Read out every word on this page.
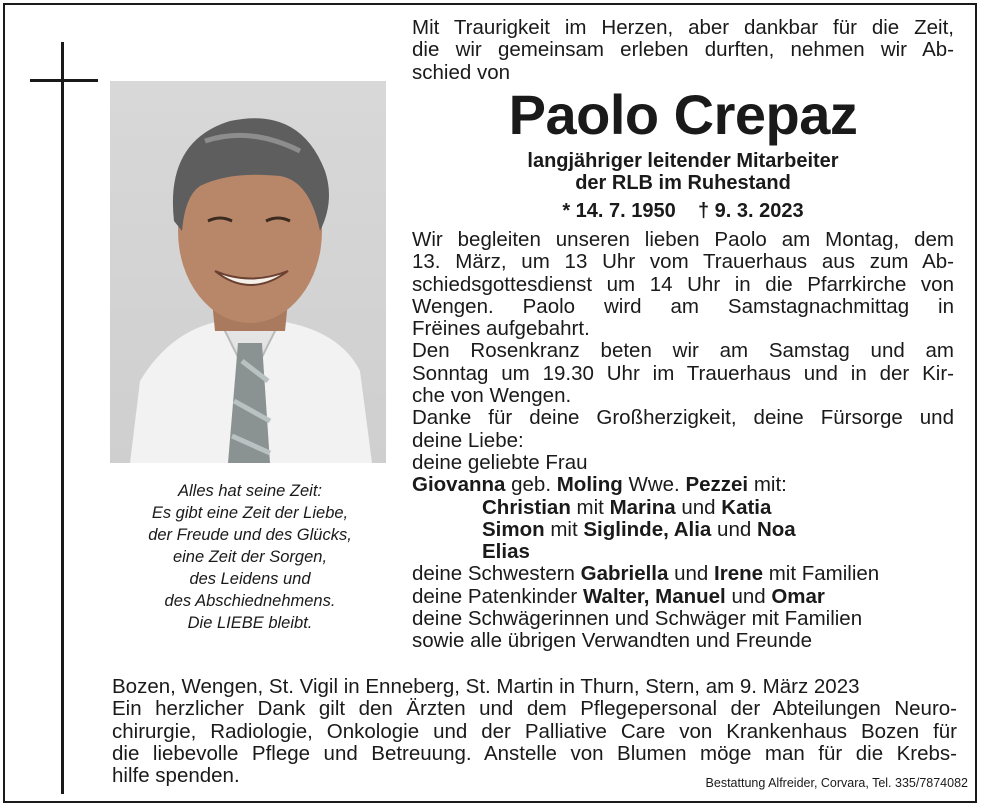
Alles hat seine Zeit:
Es gibt eine Zeit der Liebe,
der Freude und des Glücks,
eine Zeit der Sorgen,
des Leidens und
des Abschiednehmens.
Die LIEBE bleibt.
Mit Traurigkeit im Herzen, aber dankbar für die Zeit,
die wir gemeinsam erleben durften, nehmen wir Ab-
schied von
Paolo Crepaz
langjähriger leitender Mitarbeiter
der RLB im Ruhestand
* 14. 7. 1950 † 9. 3. 2023
Wir begleiten unseren lieben Paolo am Montag, dem
13. März, um 13 Uhr vom Trauerhaus aus zum Ab-
schiedsgottesdienst um 14 Uhr in die Pfarrkirche von
Wengen. Paolo wird am Samstagnachmittag in
Frëines aufgebahrt.
Den Rosenkranz beten wir am Samstag und am
Sonntag um 19.30 Uhr im Trauerhaus und in der Kir-
che von Wengen.
Danke für deine Großherzigkeit, deine Fürsorge und
deine Liebe:
deine geliebte Frau
Giovanna geb. Moling Wwe. Pezzei mit:
Christian mit Marina und Katia
Simon mit Siglinde, Alia und Noa
Elias
deine Schwestern Gabriella und Irene mit Familien
deine Patenkinder Walter, Manuel und Omar
deine Schwägerinnen und Schwäger mit Familien
sowie alle übrigen Verwandten und Freunde
Bozen, Wengen, St. Vigil in Enneberg, St. Martin in Thurn, Stern, am 9. März 2023
Ein herzlicher Dank gilt den Ärzten und dem Pflegepersonal der Abteilungen Neuro-
chirurgie, Radiologie, Onkologie und der Palliative Care von Krankenhaus Bozen für
die liebevolle Pflege und Betreuung. Anstelle von Blumen möge man für die Krebs-
hilfe spenden.	Bestattung Alfreider, Corvara, Tel. 335/7874082
